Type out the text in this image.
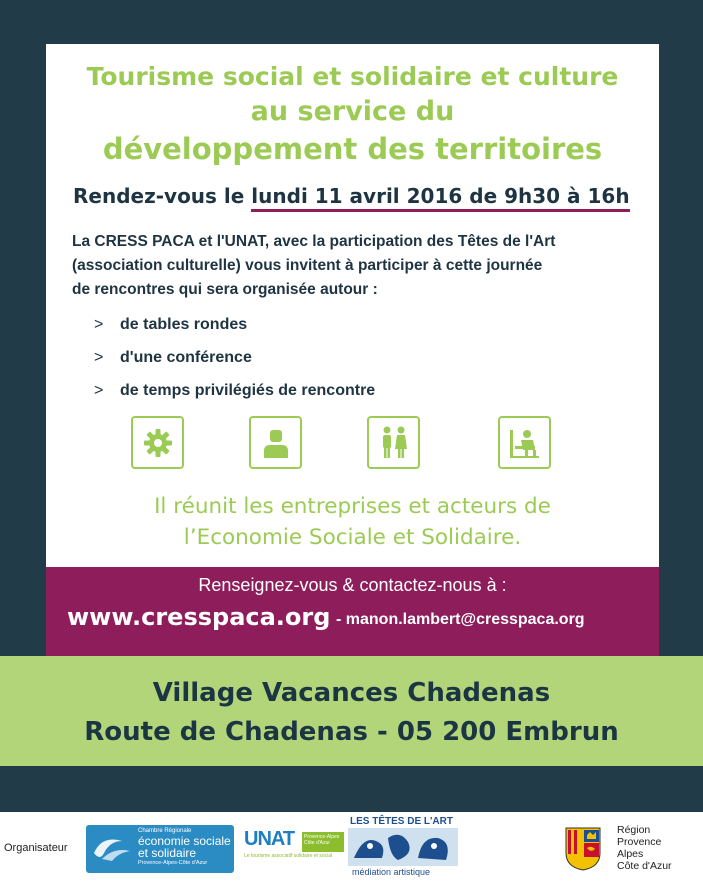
Tourisme social et solidaire et culture
au service du
développement des territoires
Rendez-vous le lundi 11 avril 2016 de 9h30 à 16h
La CRESS PACA et l'UNAT, avec la participation des Têtes de l'Art
(association culturelle) vous invitent à participer à cette journée
de rencontres qui sera organisée autour :
>	de tables rondes
>	d'une conférence
>	de temps privilégiés de rencontre
Il réunit les entreprises et acteurs de
l’Economie Sociale et Solidaire.
Renseignez-vous & contactez-nous à :
www.cresspaca.org - manon.lambert@cresspaca.org
Village Vacances Chadenas
Route de Chadenas - 05 200 Embrun
Organisateur
Chambre Régionale
économie sociale
et solidaire
Provence-Alpes-Côte d'Azur
UNAT	Provence-Alpes Côte d'Azur
Le tourisme associatif solidaire et social
LES TÊTES DE L'ART
médiation artistique
Région
Provence
Alpes
Côte d'Azur
